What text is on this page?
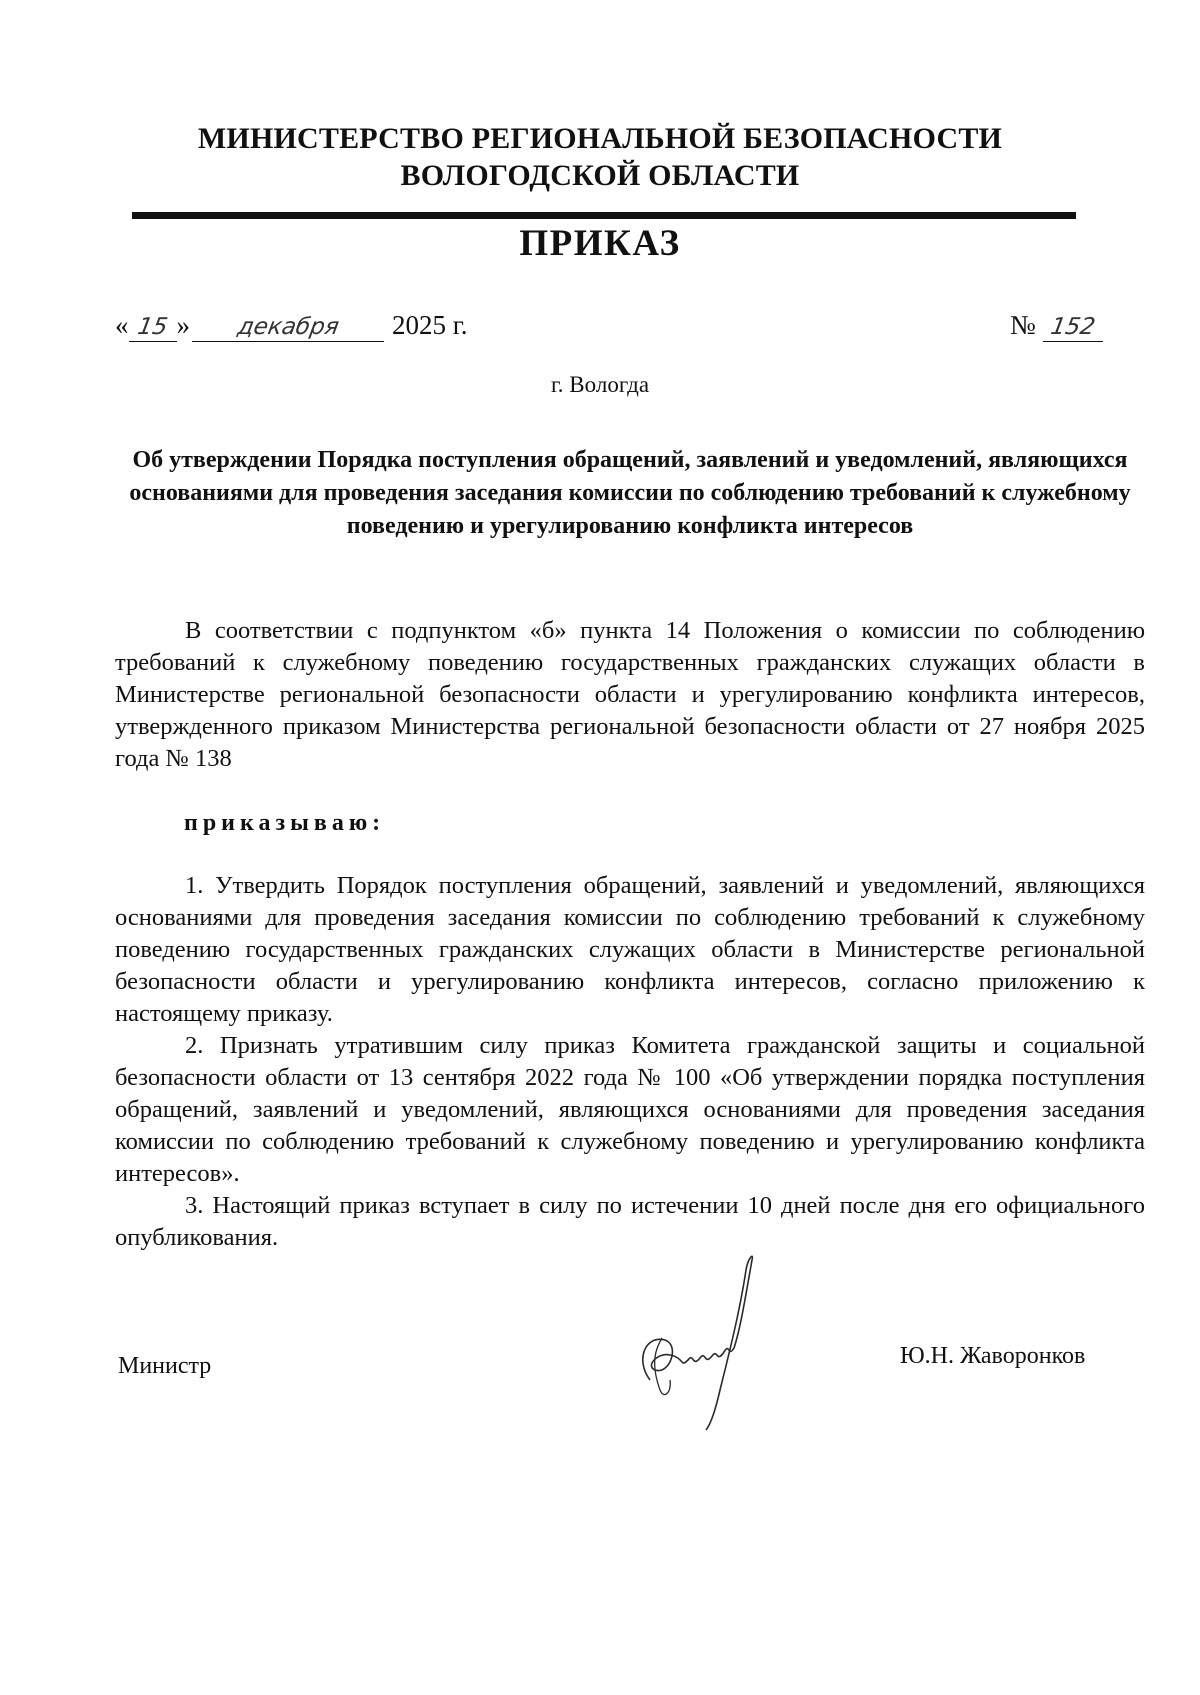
МИНИСТЕРСТВО РЕГИОНАЛЬНОЙ БЕЗОПАСНОСТИ
ВОЛОГОДСКОЙ ОБЛАСТИ
ПРИКАЗ
« 15 » декабря 2025 г.	№ 152
г. Вологда
Об утверждении Порядка поступления обращений, заявлений и уведомлений, являющихся основаниями для проведения заседания комиссии по соблюдению требований к служебному поведению и урегулированию конфликта интересов

В соответствии с подпунктом «б» пункта 14 Положения о комиссии по соблюдению требований к служебному поведению государственных гражданских служащих области в Министерстве региональной безопасности области и урегулированию конфликта интересов, утвержденного приказом Министерства региональной безопасности области от 27 ноября 2025 года № 138

приказываю:

1. Утвердить Порядок поступления обращений, заявлений и уведомлений, являющихся основаниями для проведения заседания комиссии по соблюдению требований к служебному поведению государственных гражданских служащих области в Министерстве региональной безопасности области и урегулированию конфликта интересов, согласно приложению к настоящему приказу.

2. Признать утратившим силу приказ Комитета гражданской защиты и социальной безопасности области от 13 сентября 2022 года № 100 «Об утверждении порядка поступления обращений, заявлений и уведомлений, являющихся основаниями для проведения заседания комиссии по соблюдению требований к служебному поведению и урегулированию конфликта интересов».

3. Настоящий приказ вступает в силу по истечении 10 дней после дня его официального опубликования.

Министр	Ю.Н. Жаворонков
